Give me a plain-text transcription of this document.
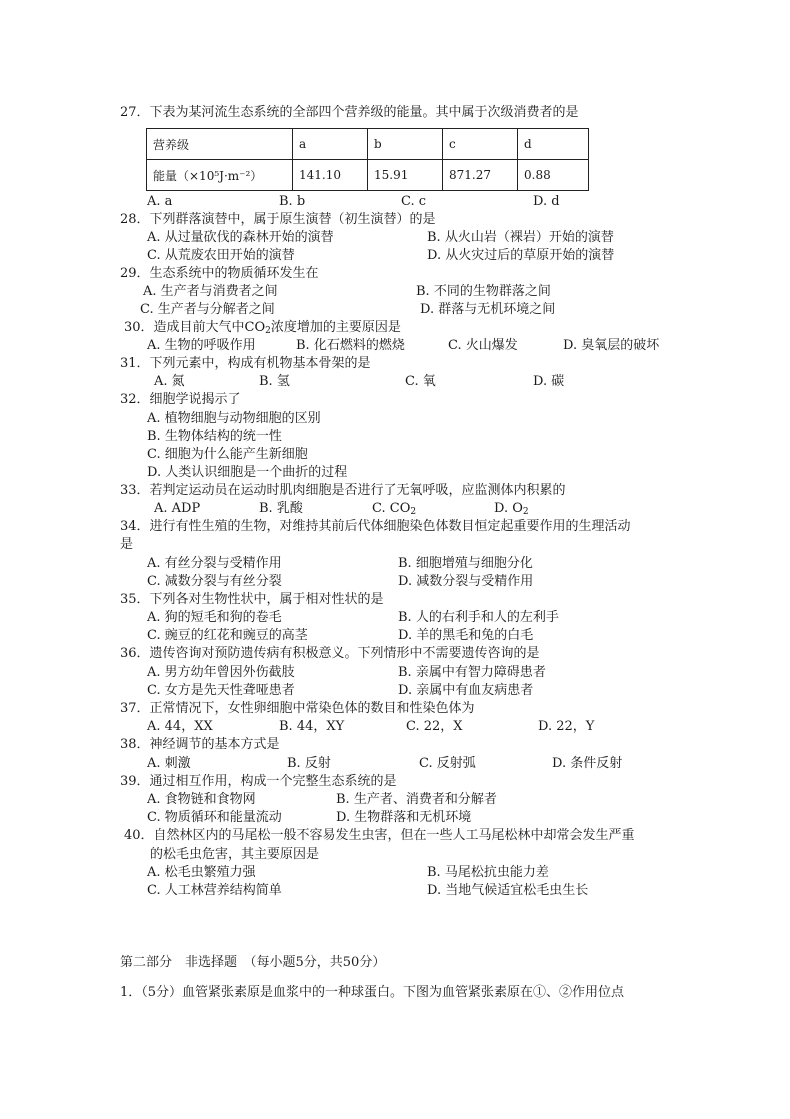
27．下表为某河流生态系统的全部四个营养级的能量。其中属于次级消费者的是
营养级	a	b	c	d
能量（×10⁵J·m⁻²）	141.10	15.91	871.27	0.88
A. a	B. b	C. c	D. d
28．下列群落演替中，属于原生演替（初生演替）的是
A. 从过量砍伐的森林开始的演替	B. 从火山岩（裸岩）开始的演替
C. 从荒废农田开始的演替	D. 从火灾过后的草原开始的演替
29．生态系统中的物质循环发生在
A. 生产者与消费者之间	B. 不同的生物群落之间
C. 生产者与分解者之间	D. 群落与无机环境之间
30．造成目前大气中$CO_2$浓度增加的主要原因是
A. 生物的呼吸作用	B. 化石燃料的燃烧	C. 火山爆发	D. 臭氧层的破坏
31．下列元素中，构成有机物基本骨架的是
A. 氮	B. 氢	C. 氧	D. 碳
32．细胞学说揭示了
A. 植物细胞与动物细胞的区别
B. 生物体结构的统一性
C. 细胞为什么能产生新细胞
D. 人类认识细胞是一个曲折的过程
33．若判定运动员在运动时肌肉细胞是否进行了无氧呼吸，应监测体内积累的
A. ADP	B. 乳酸	C. $CO_2$	D. $O_2$
34．进行有性生殖的生物，对维持其前后代体细胞染色体数目恒定起重要作用的生理活动
是
A. 有丝分裂与受精作用	B. 细胞增殖与细胞分化
C. 减数分裂与有丝分裂	D. 减数分裂与受精作用
35．下列各对生物性状中，属于相对性状的是
A. 狗的短毛和狗的卷毛	B. 人的右利手和人的左利手
C. 豌豆的红花和豌豆的高茎	D. 羊的黑毛和兔的白毛
36．遗传咨询对预防遗传病有积极意义。下列情形中不需要遗传咨询的是
A. 男方幼年曾因外伤截肢	B. 亲属中有智力障碍患者
C. 女方是先天性聋哑患者	D. 亲属中有血友病患者
37．正常情况下，女性卵细胞中常染色体的数目和性染色体为
A. 44，XX	B. 44，XY	C. 22，X	D. 22，Y
38．神经调节的基本方式是
A. 刺激	B. 反射	C. 反射弧	D. 条件反射
39．通过相互作用，构成一个完整生态系统的是
A. 食物链和食物网	B. 生产者、消费者和分解者
C. 物质循环和能量流动	D. 生物群落和无机环境
40．自然林区内的马尾松一般不容易发生虫害，但在一些人工马尾松林中却常会发生严重
的松毛虫危害，其主要原因是
A. 松毛虫繁殖力强	B. 马尾松抗虫能力差
C. 人工林营养结构简单	D. 当地气候适宜松毛虫生长
第二部分　非选择题　（每小题5分，共50分）
1．（5分）血管紧张素原是血浆中的一种球蛋白。下图为血管紧张素原在①、②作用位点
